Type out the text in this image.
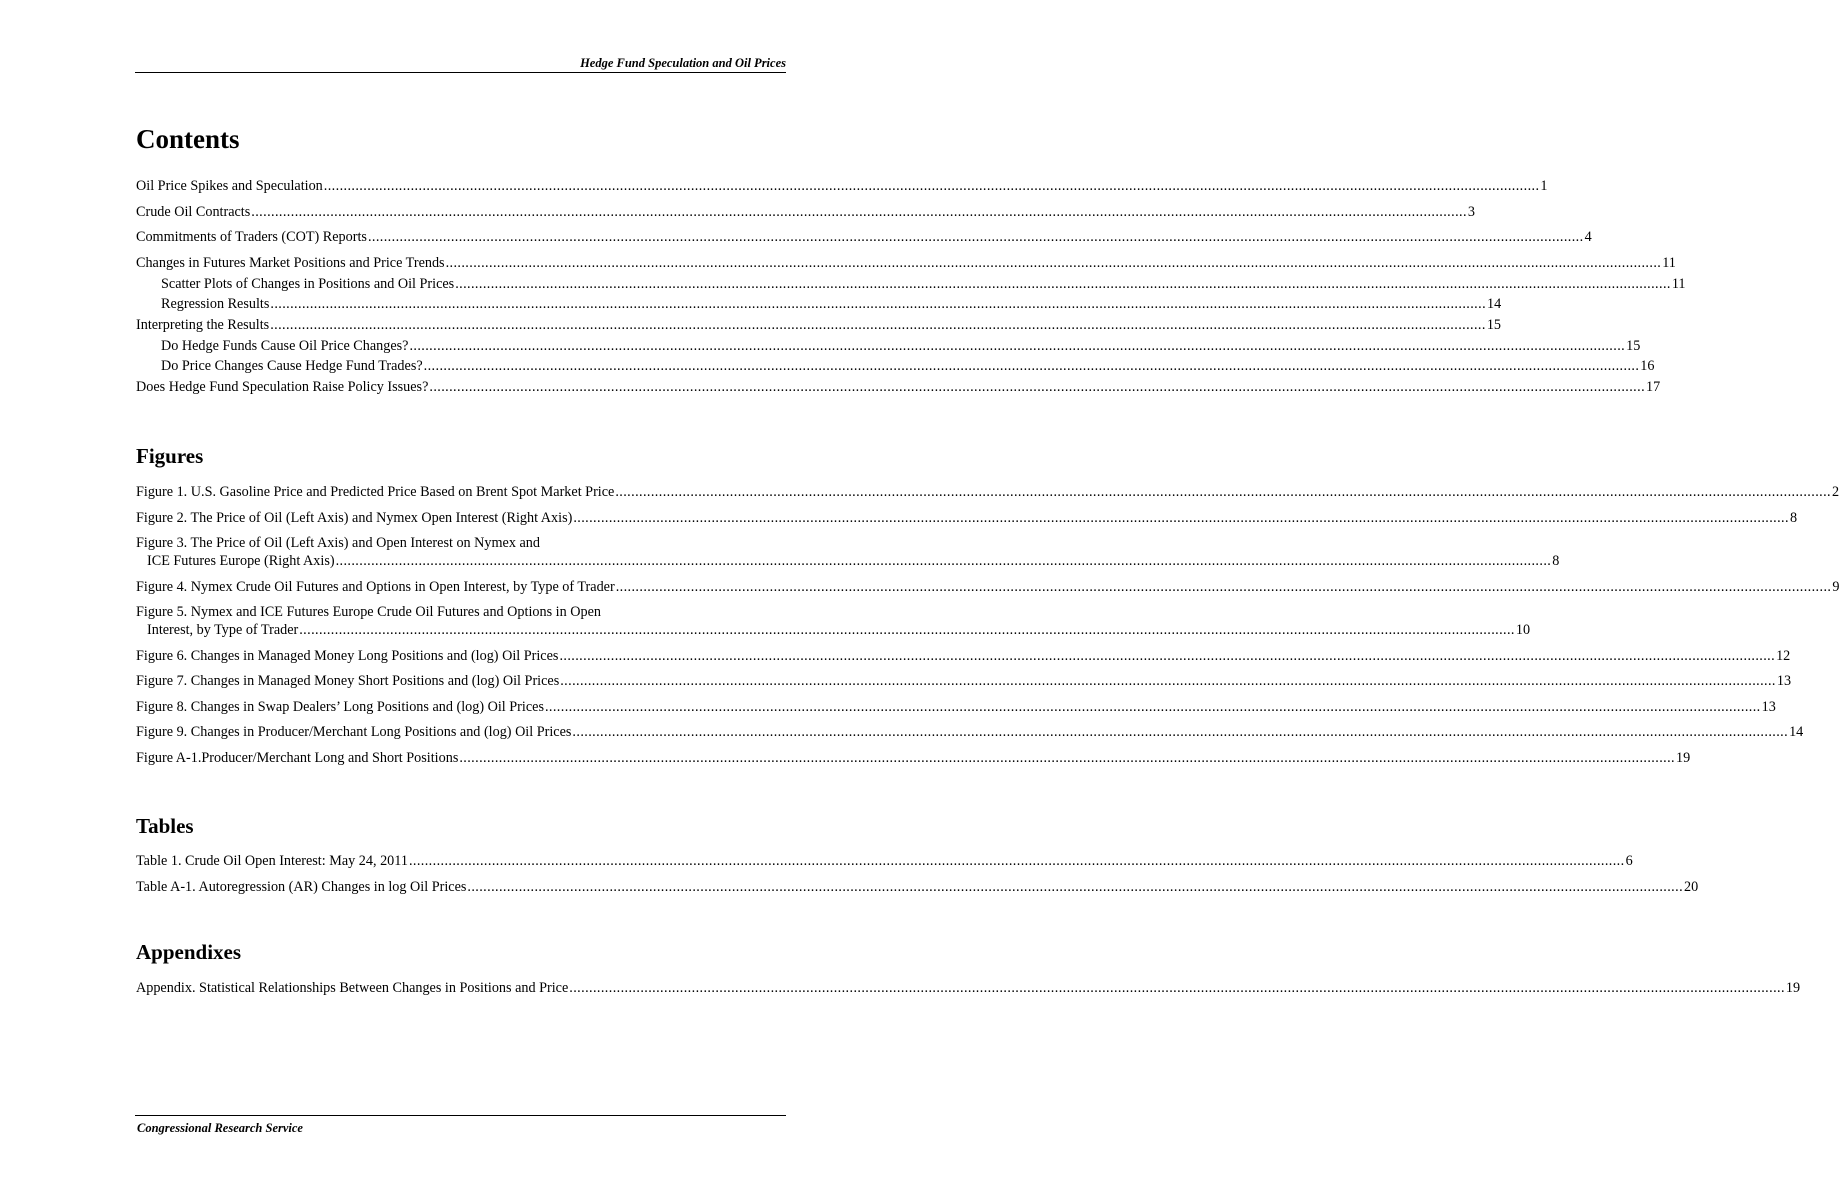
Hedge Fund Speculation and Oil Prices
Contents
Oil Price Spikes and Speculation .....	1
Crude Oil Contracts .....	3
Commitments of Traders (COT) Reports .....	4
Changes in Futures Market Positions and Price Trends .....	11
Scatter Plots of Changes in Positions and Oil Prices .....	11
Regression Results .....	14
Interpreting the Results .....	15
Do Hedge Funds Cause Oil Price Changes? .....	15
Do Price Changes Cause Hedge Fund Trades? .....	16
Does Hedge Fund Speculation Raise Policy Issues? .....	17
Figures
Figure 1. U.S. Gasoline Price and Predicted Price Based on Brent Spot Market Price .....	2
Figure 2. The Price of Oil (Left Axis) and Nymex Open Interest (Right Axis) .....	8
Figure 3. The Price of Oil (Left Axis) and Open Interest on Nymex and
ICE Futures Europe (Right Axis) .....	8
Figure 4. Nymex Crude Oil Futures and Options in Open Interest, by Type of Trader .....	9
Figure 5. Nymex and ICE Futures Europe Crude Oil Futures and Options in Open
Interest, by Type of Trader .....	10
Figure 6. Changes in Managed Money Long Positions and (log) Oil Prices .....	12
Figure 7. Changes in Managed Money Short Positions and (log) Oil Prices .....	13
Figure 8. Changes in Swap Dealers’ Long Positions and (log) Oil Prices .....	13
Figure 9. Changes in Producer/Merchant Long Positions and (log) Oil Prices .....	14
Figure A-1.Producer/Merchant Long and Short Positions .....	19
Tables
Table 1. Crude Oil Open Interest: May 24, 2011 .....	6
Table A-1. Autoregression (AR) Changes in log Oil Prices .....	20
Appendixes
Appendix. Statistical Relationships Between Changes in Positions and Price .....	19
Congressional Research Service
